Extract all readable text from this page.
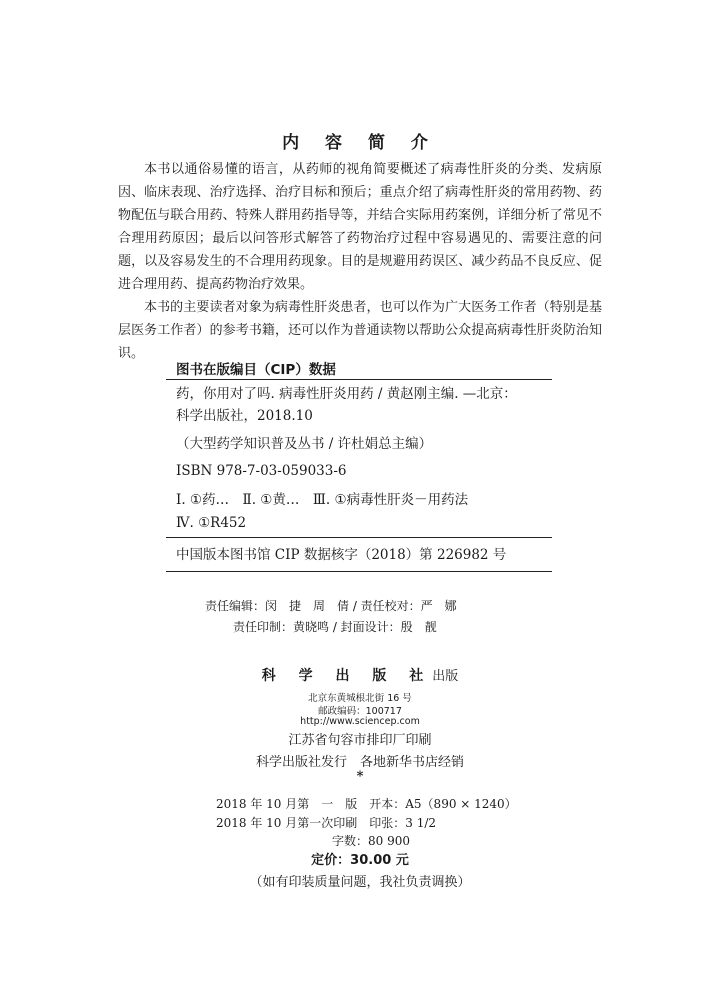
内 容 简 介

本书以通俗易懂的语言，从药师的视角简要概述了病毒性肝炎的分类、发病原因、临床表现、治疗选择、治疗目标和预后；重点介绍了病毒性肝炎的常用药物、药物配伍与联合用药、特殊人群用药指导等，并结合实际用药案例，详细分析了常见不合理用药原因；最后以问答形式解答了药物治疗过程中容易遇见的、需要注意的问题，以及容易发生的不合理用药现象。目的是规避用药误区、减少药品不良反应、促进合理用药、提高药物治疗效果。

本书的主要读者对象为病毒性肝炎患者，也可以作为广大医务工作者（特别是基层医务工作者）的参考书籍，还可以作为普通读物以帮助公众提高病毒性肝炎防治知识。

图书在版编目（CIP）数据
药，你用对了吗. 病毒性肝炎用药 / 黄赵刚主编. —北京：
科学出版社，2018.10
（大型药学知识普及丛书 / 许杜娟总主编）
ISBN 978-7-03-059033-6
Ⅰ. ①药…　Ⅱ. ①黄…　Ⅲ. ①病毒性肝炎－用药法
Ⅳ. ①R452
中国版本图书馆 CIP 数据核字（2018）第 226982 号
责任编辑：闵　捷　周　倩 / 责任校对：严　娜
责任印制：黄晓鸣 / 封面设计：殷　靓
科 学 出 版 社出版
北京东黄城根北街 16 号
邮政编码：100717
http://www.sciencep.com
江苏省句容市排印厂印刷
科学出版社发行　各地新华书店经销
*
2018 年 10 月第　一　版　开本：A5（890 × 1240）
2018 年 10 月第一次印刷　印张：3 1/2
字数：80 900
定价：30.00 元
（如有印装质量问题，我社负责调换）
